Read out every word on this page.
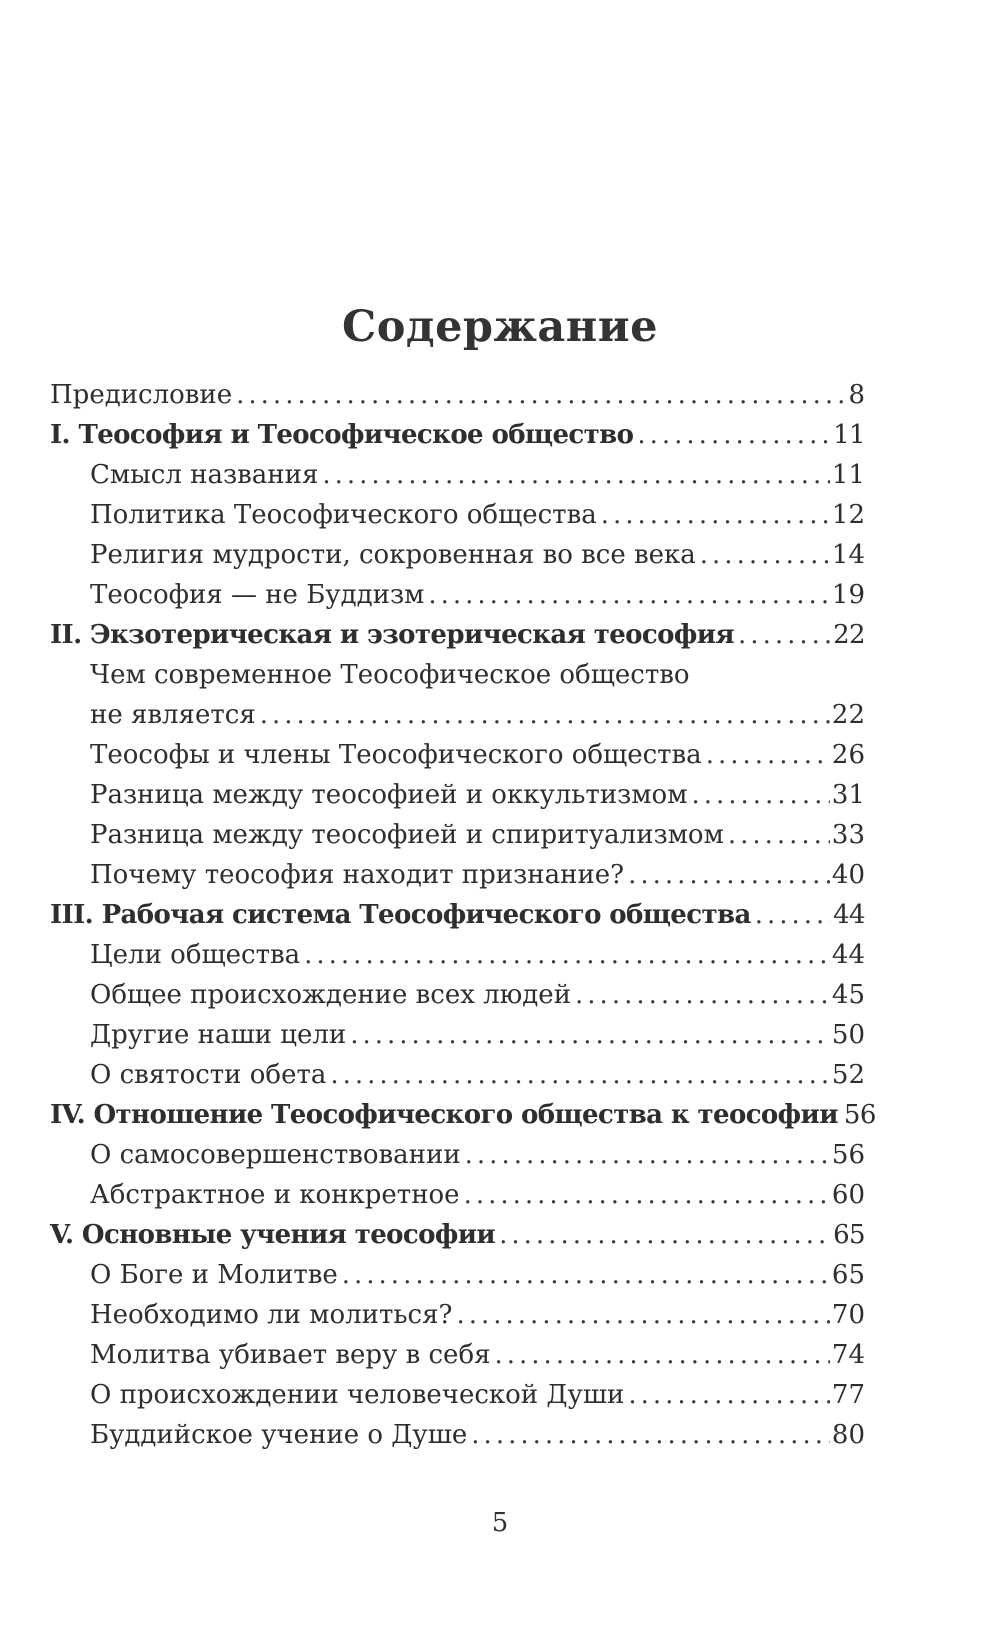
Содержание
Предисловие .....	8
I. Теософия и Теософическое общество .....	11
Смысл названия .....	11
Политика Теософического общества .....	12
Религия мудрости, сокровенная во все века .....	14
Теософия — не Буддизм .....	19
II. Экзотерическая и эзотерическая теософия .....	22
Чем современное Теософическое общество
не является .....	22
Теософы и члены Теософического общества .....	26
Разница между теософией и оккультизмом .....	31
Разница между теософией и спиритуализмом .....	33
Почему теософия находит признание? .....	40
III. Рабочая система Теософического общества .....	44
Цели общества .....	44
Общее происхождение всех людей .....	45
Другие наши цели .....	50
О святости обета .....	52
IV. Отношение Теософического общества к теософии 56
О самосовершенствовании .....	56
Абстрактное и конкретное .....	60
V. Основные учения теософии .....	65
О Боге и Молитве .....	65
Необходимо ли молиться? .....	70
Молитва убивает веру в себя .....	74
О происхождении человеческой Души .....	77
Буддийское учение о Душе .....	80
5
